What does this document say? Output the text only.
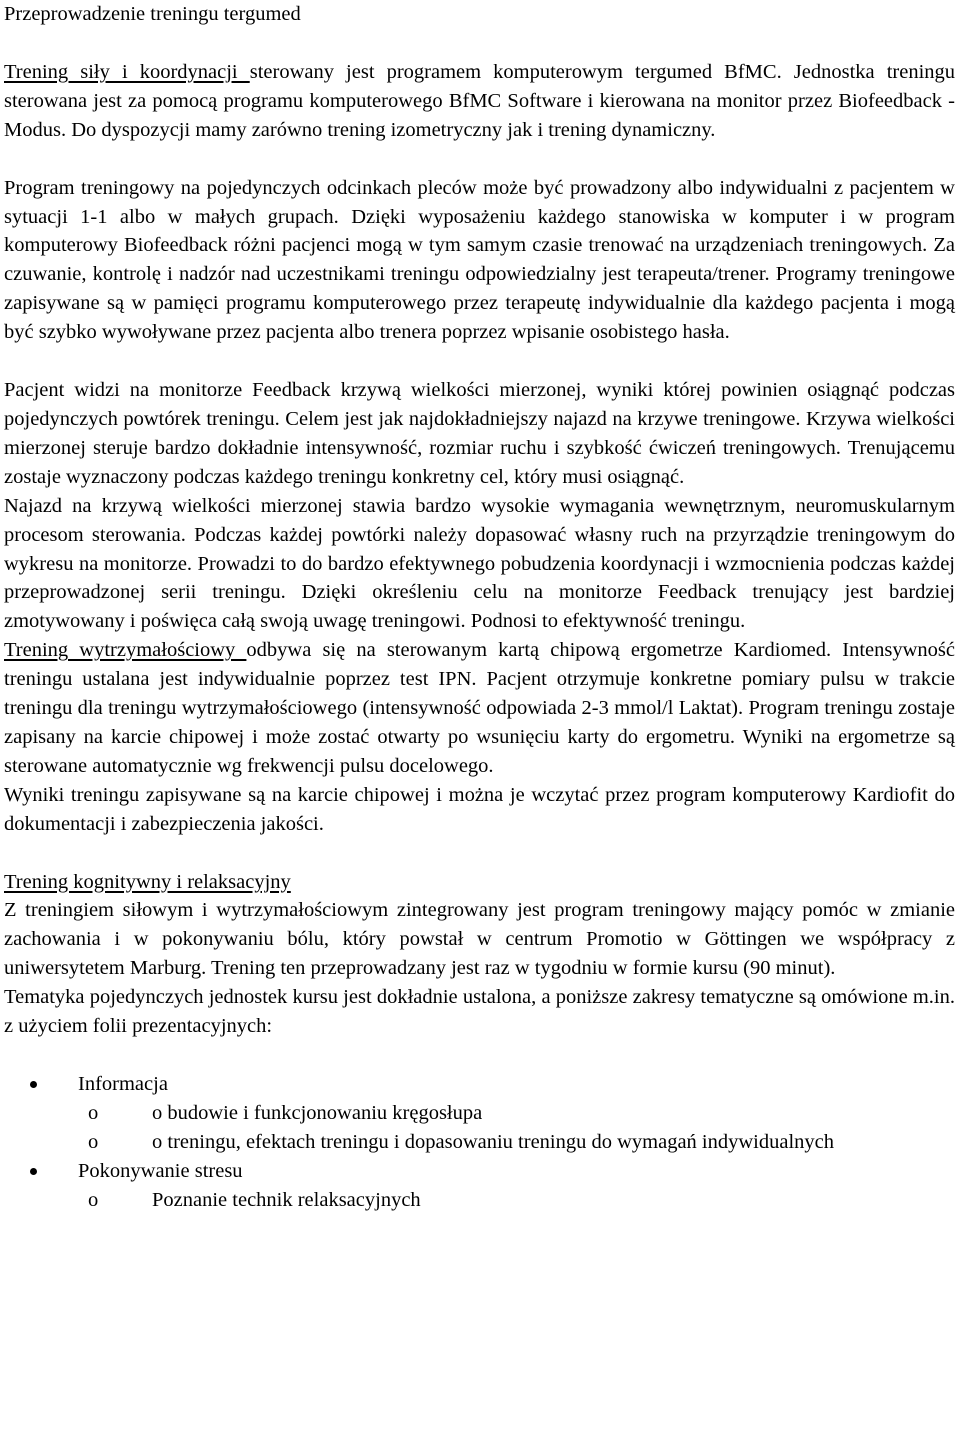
Przeprowadzenie treningu tergumed

Trening siły i koordynacji sterowany jest programem komputerowym tergumed BfMC. Jednostka treningu sterowana jest za pomocą programu komputerowego BfMC Software i kierowana na monitor przez Biofeedback - Modus. Do dyspozycji mamy zarówno trening izometryczny jak i trening dynamiczny.

Program treningowy na pojedynczych odcinkach pleców może być prowadzony albo indywidualni z pacjentem w sytuacji 1-1 albo w małych grupach. Dzięki wyposażeniu każdego stanowiska w komputer i w program komputerowy Biofeedback różni pacjenci mogą w tym samym czasie trenować na urządzeniach treningowych. Za czuwanie, kontrolę i nadzór nad uczestnikami treningu odpowiedzialny jest terapeuta/trener. Programy treningowe zapisywane są w pamięci programu komputerowego przez terapeutę indywidualnie dla każdego pacjenta i mogą być szybko wywoływane przez pacjenta albo trenera poprzez wpisanie osobistego hasła.

Pacjent widzi na monitorze Feedback krzywą wielkości mierzonej, wyniki której powinien osiągnąć podczas pojedynczych powtórek treningu. Celem jest jak najdokładniejszy najazd na krzywe treningowe. Krzywa wielkości mierzonej steruje bardzo dokładnie intensywność, rozmiar ruchu i szybkość ćwiczeń treningowych. Trenującemu zostaje wyznaczony podczas każdego treningu konkretny cel, który musi osiągnąć.

Najazd na krzywą wielkości mierzonej stawia bardzo wysokie wymagania wewnętrznym, neuromuskularnym procesom sterowania. Podczas każdej powtórki należy dopasować własny ruch na przyrządzie treningowym do wykresu na monitorze. Prowadzi to do bardzo efektywnego pobudzenia koordynacji i wzmocnienia podczas każdej przeprowadzonej serii treningu. Dzięki określeniu celu na monitorze Feedback trenujący jest bardziej zmotywowany i poświęca całą swoją uwagę treningowi. Podnosi to efektywność treningu.

Trening wytrzymałościowy odbywa się na sterowanym kartą chipową ergometrze Kardiomed. Intensywność treningu ustalana jest indywidualnie poprzez test IPN. Pacjent otrzymuje konkretne pomiary pulsu w trakcie treningu dla treningu wytrzymałościowego (intensywność odpowiada 2-3 mmol/l Laktat). Program treningu zostaje zapisany na karcie chipowej i może zostać otwarty po wsunięciu karty do ergometru. Wyniki na ergometrze są sterowane automatycznie wg frekwencji pulsu docelowego.

Wyniki treningu zapisywane są na karcie chipowej i można je wczytać przez program komputerowy Kardiofit do dokumentacji i zabezpieczenia jakości.

Trening kognitywny i relaksacyjny

Z treningiem siłowym i wytrzymałościowym zintegrowany jest program treningowy mający pomóc w zmianie zachowania i w pokonywaniu bólu, który powstał w centrum Promotio w Göttingen we współpracy z uniwersytetem Marburg. Trening ten przeprowadzany jest raz w tygodniu w formie kursu (90 minut).

Tematyka pojedynczych jednostek kursu jest dokładnie ustalona, a poniższe zakresy tematyczne są omówione m.in. z użyciem folii prezentacyjnych:

Informacja
o o budowie i funkcjonowaniu kręgosłupa
o o treningu, efektach treningu i dopasowaniu treningu do wymagań indywidualnych
Pokonywanie stresu
o Poznanie technik relaksacyjnych
